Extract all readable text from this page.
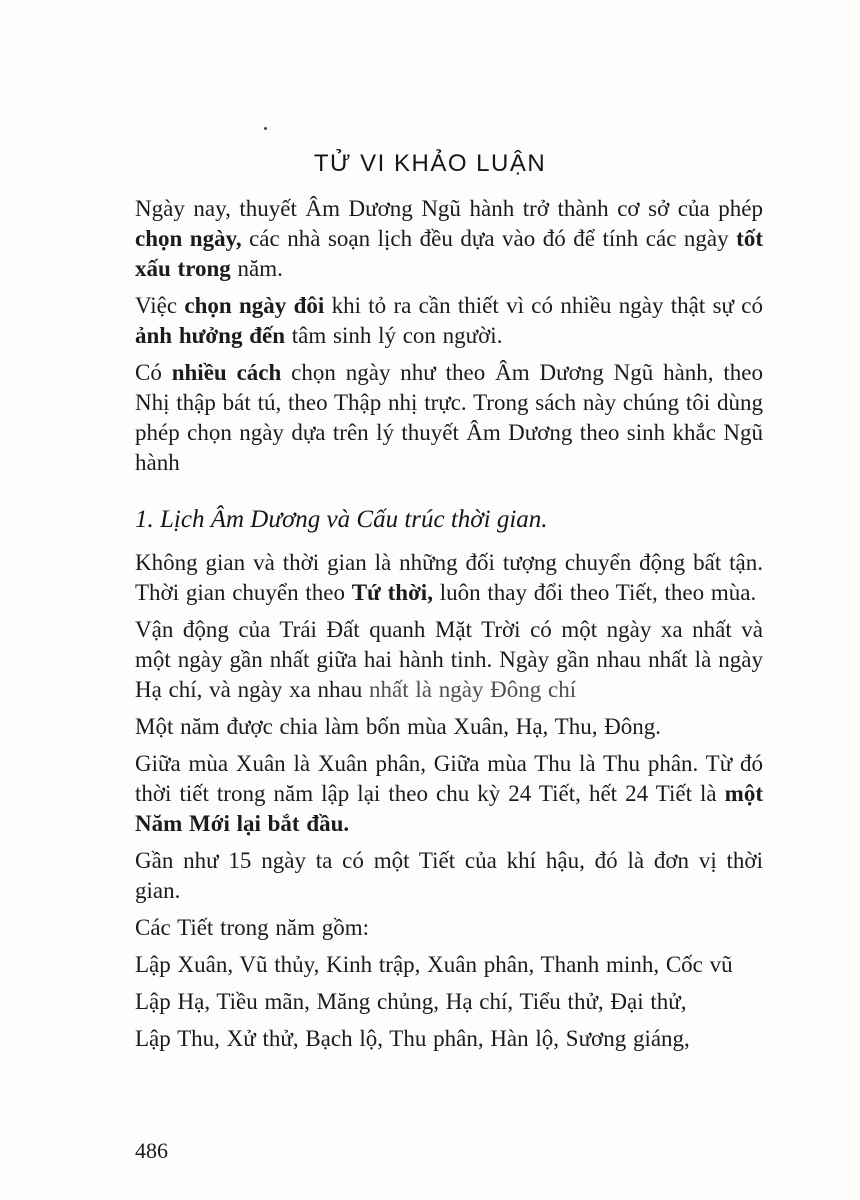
TỬ VI KHẢO LUẬN

Ngày nay, thuyết Âm Dương Ngũ hành trở thành cơ sở của phép chọn ngày, các nhà soạn lịch đều dựa vào đó để tính các ngày tốt xấu trong năm.

Việc chọn ngày đôi khi tỏ ra cần thiết vì có nhiều ngày thật sự có ảnh hưởng đến tâm sinh lý con người.

Có nhiều cách chọn ngày như theo Âm Dương Ngũ hành, theo Nhị thập bát tú, theo Thập nhị trực. Trong sách này chúng tôi dùng phép chọn ngày dựa trên lý thuyết Âm Dương theo sinh khắc Ngũ hành

1. Lịch Âm Dương và Cấu trúc thời gian.

Không gian và thời gian là những đối tượng chuyển động bất tận. Thời gian chuyển theo Tứ thời, luôn thay đổi theo Tiết, theo mùa.

Vận động của Trái Đất quanh Mặt Trời có một ngày xa nhất và một ngày gần nhất giữa hai hành tinh. Ngày gần nhau nhất là ngày Hạ chí, và ngày xa nhau nhất là ngày Đông chí

Một năm được chia làm bốn mùa Xuân, Hạ, Thu, Đông.

Giữa mùa Xuân là Xuân phân, Giữa mùa Thu là Thu phân. Từ đó thời tiết trong năm lập lại theo chu kỳ 24 Tiết, hết 24 Tiết là một Năm Mới lại bắt đầu.

Gần như 15 ngày ta có một Tiết của khí hậu, đó là đơn vị thời gian.

Các Tiết trong năm gồm:

Lập Xuân, Vũ thủy, Kinh trập, Xuân phân, Thanh minh, Cốc vũ

Lập Hạ, Tiều mãn, Măng chủng, Hạ chí, Tiểu thử, Đại thử,

Lập Thu, Xử thử, Bạch lộ, Thu phân, Hàn lộ, Sương giáng,

486
